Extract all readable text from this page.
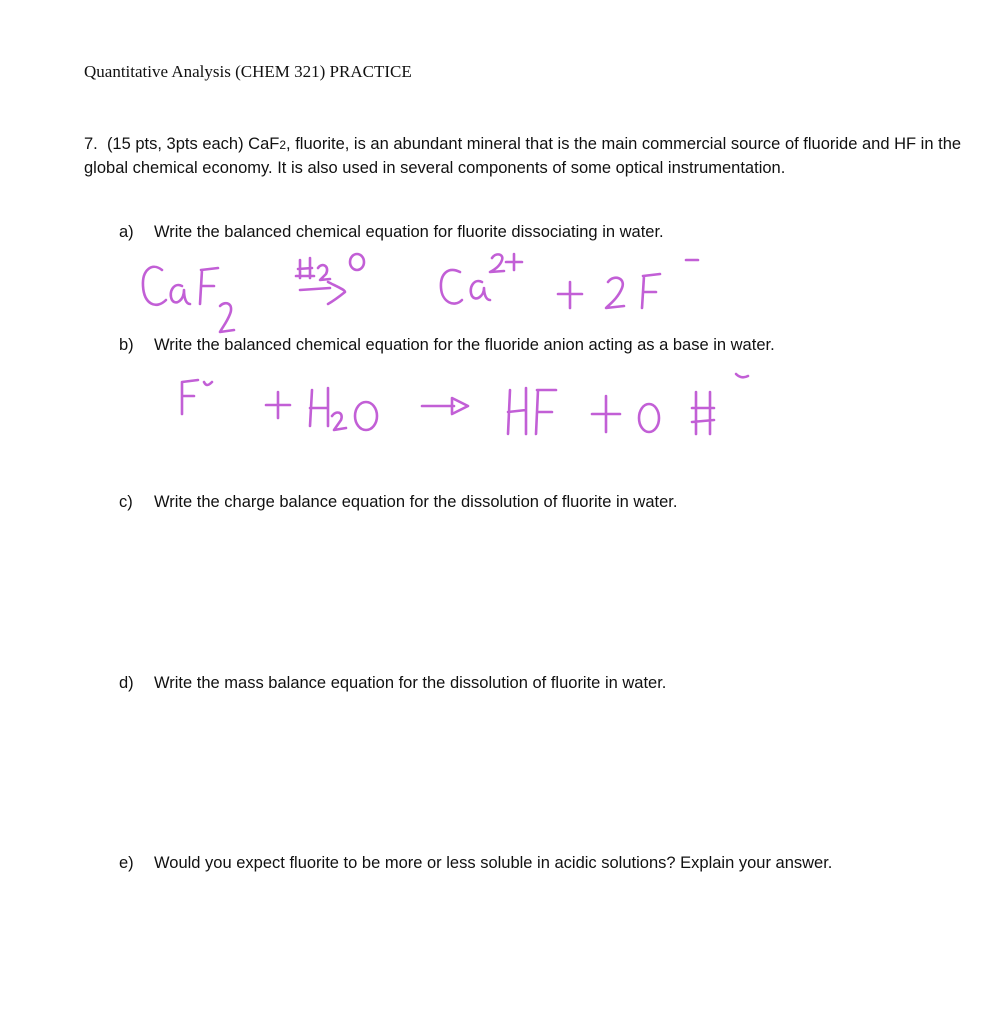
Quantitative Analysis (CHEM 321) PRACTICE
7. (15 pts, 3pts each) CaF2, fluorite, is an abundant mineral that is the main commercial source of fluoride and HF in the global chemical economy. It is also used in several components of some optical instrumentation.
a) Write the balanced chemical equation for fluorite dissociating in water.
b) Write the balanced chemical equation for the fluoride anion acting as a base in water.
c) Write the charge balance equation for the dissolution of fluorite in water.
d) Write the mass balance equation for the dissolution of fluorite in water.
e) Would you expect fluorite to be more or less soluble in acidic solutions? Explain your answer.
